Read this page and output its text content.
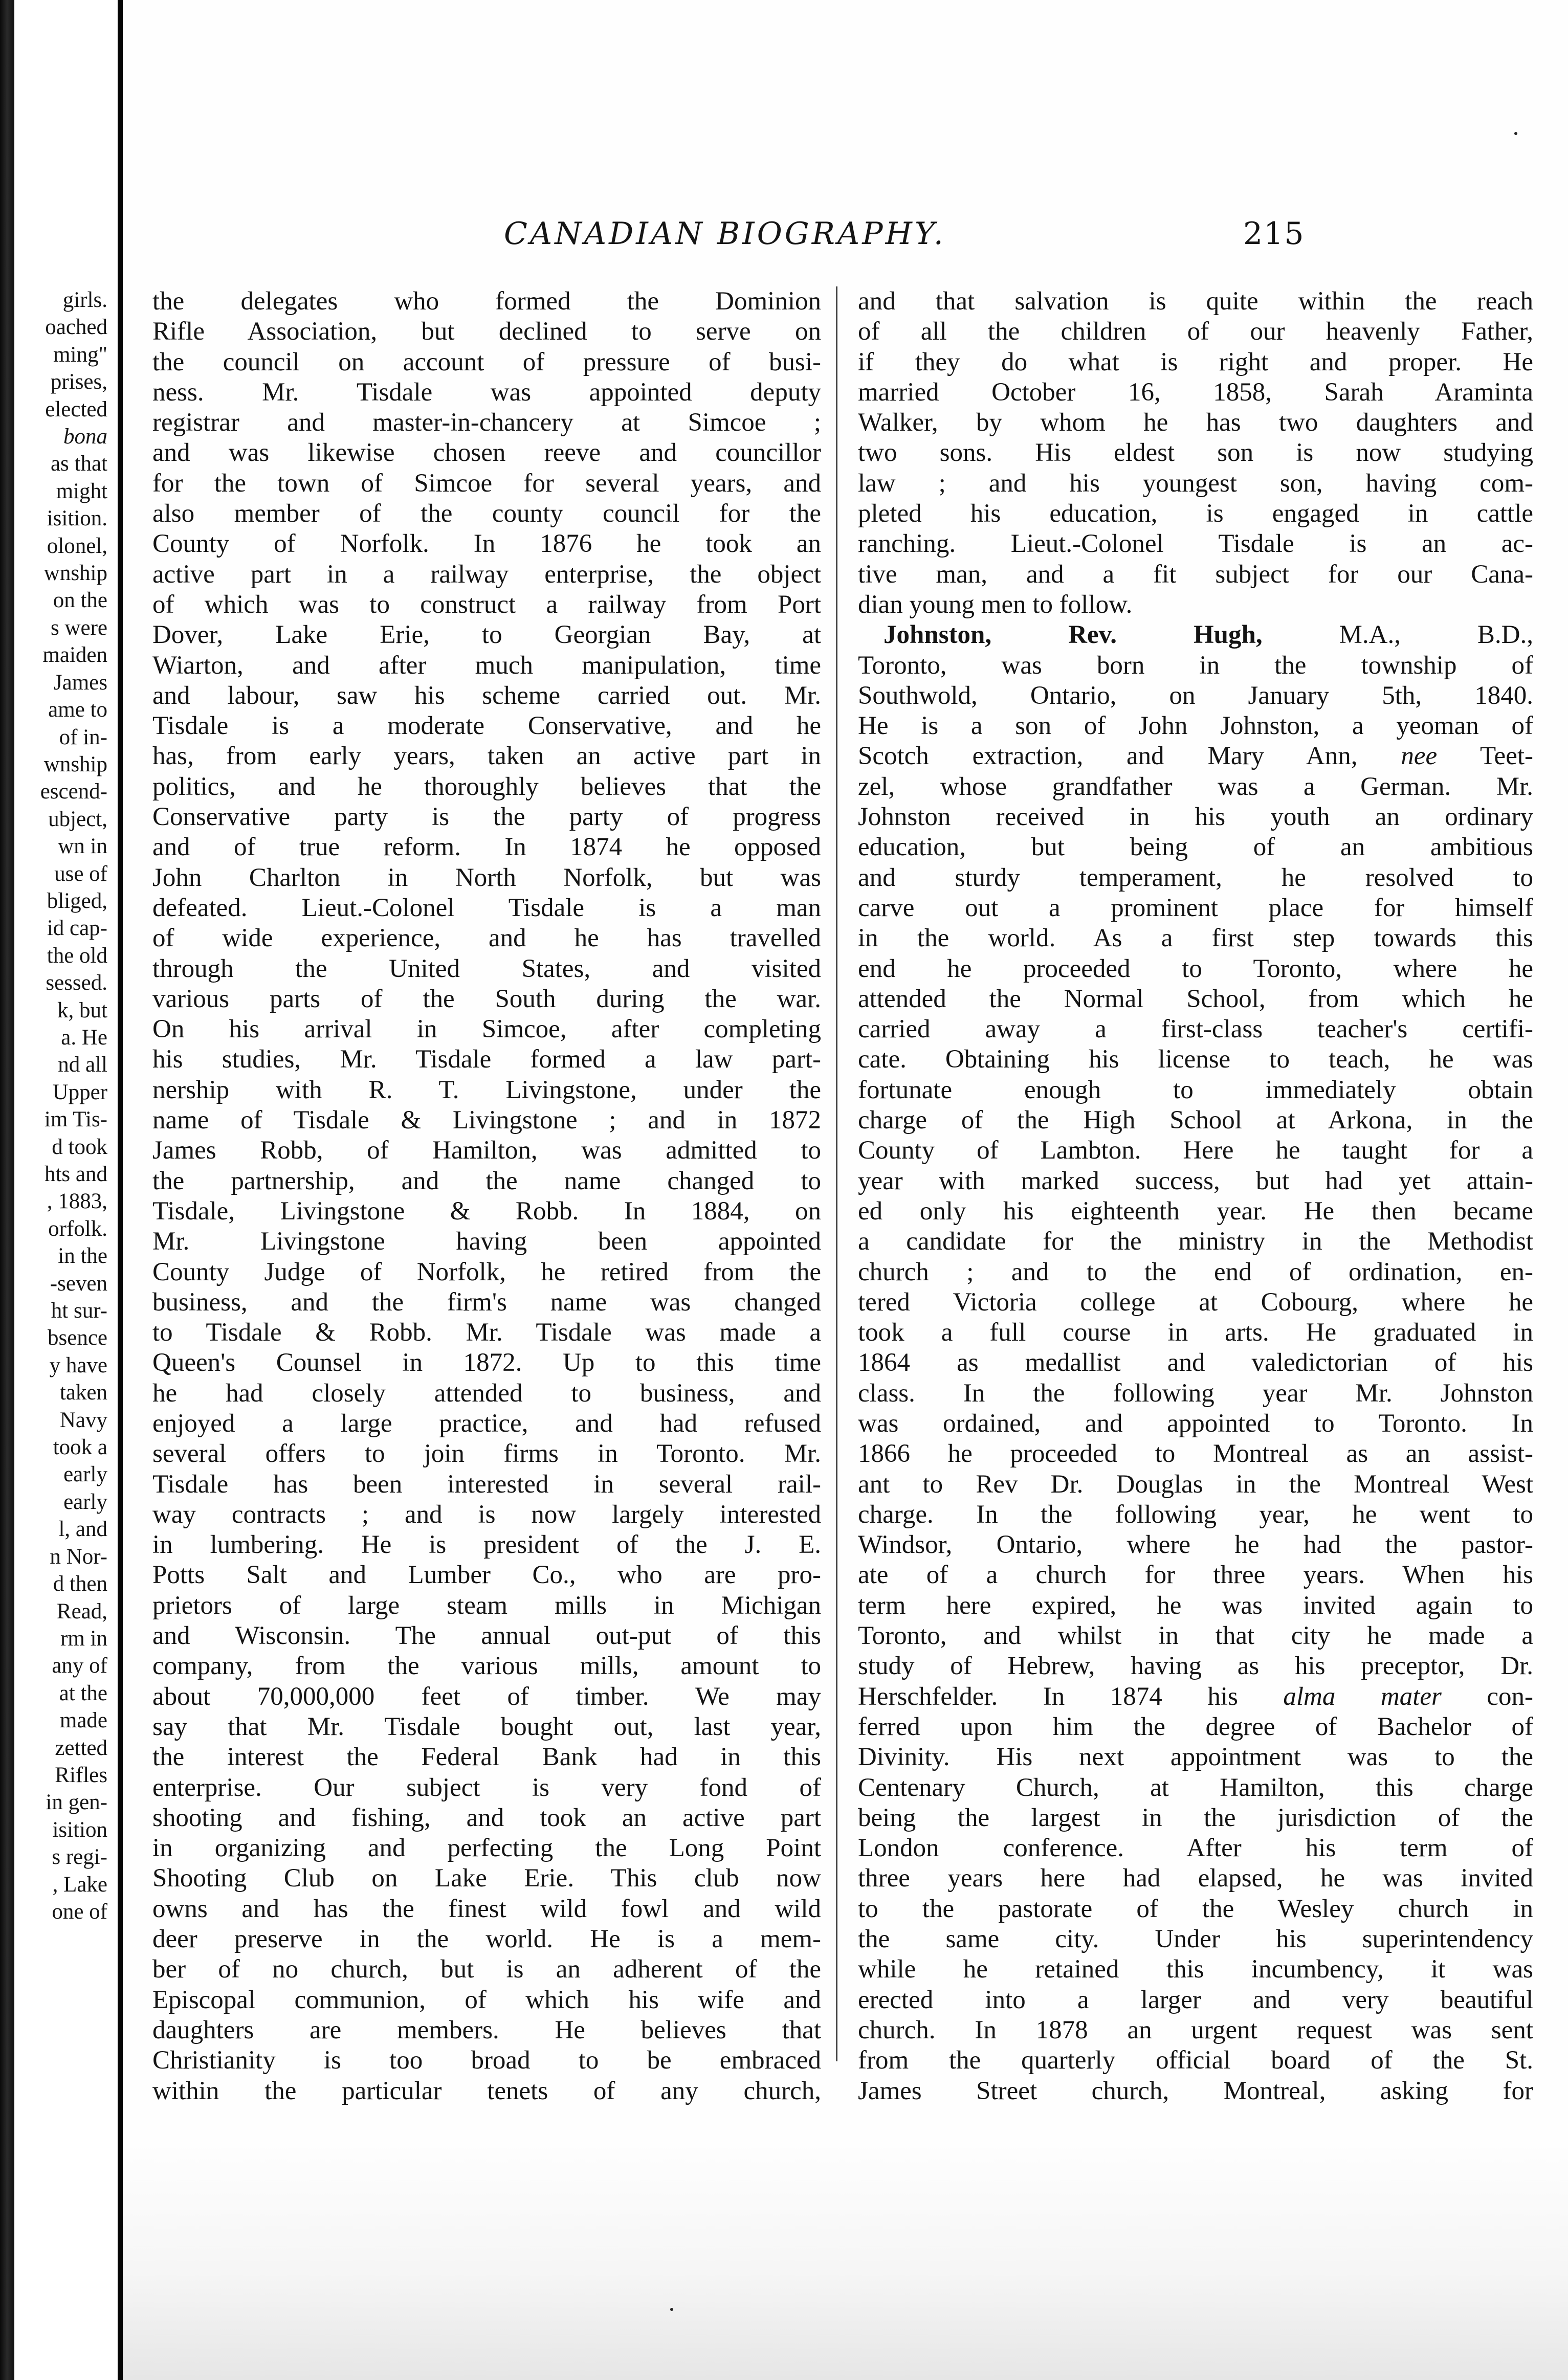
girls.
oached
ming"
prises,
elected
bona
as that
might
isition.
olonel,
wnship
on the
s were
maiden
James
ame to
of in-
wnship
escend-
ubject,
wn in
use of
bliged,
id cap-
the old
sessed.
k, but
a. He
nd all
Upper
im Tis-
d took
hts and
, 1883,
orfolk.
in the
-seven
ht sur-
bsence
y have
taken
Navy
took a
early
early
l, and
n Nor-
d then
Read,
rm in
any of
at the
made
zetted
Rifles
in gen-
isition
s regi-
, Lake
one of
CANADIAN BIOGRAPHY.	215
the delegates who formed the Dominion
Rifle Association, but declined to serve on
the council on account of pressure of busi-
ness. Mr. Tisdale was appointed deputy
registrar and master-in-chancery at Simcoe ;
and was likewise chosen reeve and councillor
for the town of Simcoe for several years, and
also member of the county council for the
County of Norfolk. In 1876 he took an
active part in a railway enterprise, the object
of which was to construct a railway from Port
Dover, Lake Erie, to Georgian Bay, at
Wiarton, and after much manipulation, time
and labour, saw his scheme carried out. Mr.
Tisdale is a moderate Conservative, and he
has, from early years, taken an active part in
politics, and he thoroughly believes that the
Conservative party is the party of progress
and of true reform. In 1874 he opposed
John Charlton in North Norfolk, but was
defeated. Lieut.-Colonel Tisdale is a man
of wide experience, and he has travelled
through the United States, and visited
various parts of the South during the war.
On his arrival in Simcoe, after completing
his studies, Mr. Tisdale formed a law part-
nership with R. T. Livingstone, under the
name of Tisdale & Livingstone ; and in 1872
James Robb, of Hamilton, was admitted to
the partnership, and the name changed to
Tisdale, Livingstone & Robb. In 1884, on
Mr. Livingstone having been appointed
County Judge of Norfolk, he retired from the
business, and the firm's name was changed
to Tisdale & Robb. Mr. Tisdale was made a
Queen's Counsel in 1872. Up to this time
he had closely attended to business, and
enjoyed a large practice, and had refused
several offers to join firms in Toronto. Mr.
Tisdale has been interested in several rail-
way contracts ; and is now largely interested
in lumbering. He is president of the J. E.
Potts Salt and Lumber Co., who are pro-
prietors of large steam mills in Michigan
and Wisconsin. The annual out-put of this
company, from the various mills, amount to
about 70,000,000 feet of timber. We may
say that Mr. Tisdale bought out, last year,
the interest the Federal Bank had in this
enterprise. Our subject is very fond of
shooting and fishing, and took an active part
in organizing and perfecting the Long Point
Shooting Club on Lake Erie. This club now
owns and has the finest wild fowl and wild
deer preserve in the world. He is a mem-
ber of no church, but is an adherent of the
Episcopal communion, of which his wife and
daughters are members. He believes that
Christianity is too broad to be embraced
within the particular tenets of any church,
and that salvation is quite within the reach
of all the children of our heavenly Father,
if they do what is right and proper. He
married October 16, 1858, Sarah Araminta
Walker, by whom he has two daughters and
two sons. His eldest son is now studying
law ; and his youngest son, having com-
pleted his education, is engaged in cattle
ranching. Lieut.-Colonel Tisdale is an ac-
tive man, and a fit subject for our Cana-
dian young men to follow.
Johnston, Rev. Hugh, M.A., B.D.,
Toronto, was born in the township of
Southwold, Ontario, on January 5th, 1840.
He is a son of John Johnston, a yeoman of
Scotch extraction, and Mary Ann, nee Teet-
zel, whose grandfather was a German. Mr.
Johnston received in his youth an ordinary
education, but being of an ambitious
and sturdy temperament, he resolved to
carve out a prominent place for himself
in the world. As a first step towards this
end he proceeded to Toronto, where he
attended the Normal School, from which he
carried away a first-class teacher's certifi-
cate. Obtaining his license to teach, he was
fortunate enough to immediately obtain
charge of the High School at Arkona, in the
County of Lambton. Here he taught for a
year with marked success, but had yet attain-
ed only his eighteenth year. He then became
a candidate for the ministry in the Methodist
church ; and to the end of ordination, en-
tered Victoria college at Cobourg, where he
took a full course in arts. He graduated in
1864 as medallist and valedictorian of his
class. In the following year Mr. Johnston
was ordained, and appointed to Toronto. In
1866 he proceeded to Montreal as an assist-
ant to Rev Dr. Douglas in the Montreal West
charge. In the following year, he went to
Windsor, Ontario, where he had the pastor-
ate of a church for three years. When his
term here expired, he was invited again to
Toronto, and whilst in that city he made a
study of Hebrew, having as his preceptor, Dr.
Herschfelder. In 1874 his alma mater con-
ferred upon him the degree of Bachelor of
Divinity. His next appointment was to the
Centenary Church, at Hamilton, this charge
being the largest in the jurisdiction of the
London conference. After his term of
three years here had elapsed, he was invited
to the pastorate of the Wesley church in
the same city. Under his superintendency
while he retained this incumbency, it was
erected into a larger and very beautiful
church. In 1878 an urgent request was sent
from the quarterly official board of the St.
James Street church, Montreal, asking for
